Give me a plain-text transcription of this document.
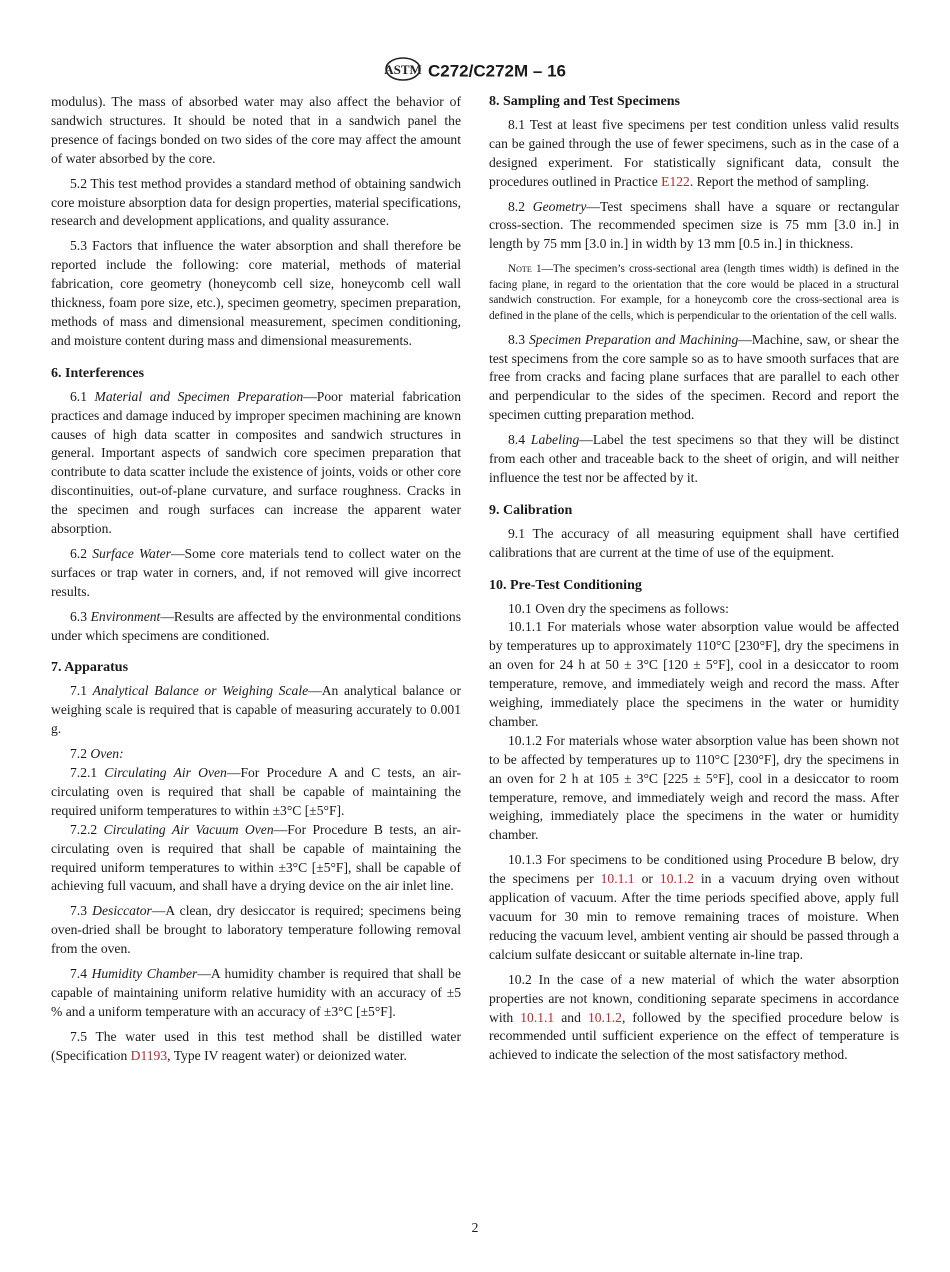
ASTM C272/C272M – 16

modulus). The mass of absorbed water may also affect the behavior of sandwich structures. It should be noted that in a sandwich panel the presence of facings bonded on two sides of the core may affect the amount of water absorbed by the core.

5.2 This test method provides a standard method of obtaining sandwich core moisture absorption data for design properties, material specifications, research and development applications, and quality assurance.

5.3 Factors that influence the water absorption and shall therefore be reported include the following: core material, methods of material fabrication, core geometry (honeycomb cell size, honeycomb cell wall thickness, foam pore size, etc.), specimen geometry, specimen preparation, methods of mass and dimensional measurement, specimen conditioning, and moisture content during mass and dimensional measurements.

6. Interferences

6.1 Material and Specimen Preparation—Poor material fabrication practices and damage induced by improper specimen machining are known causes of high data scatter in composites and sandwich structures in general. Important aspects of sandwich core specimen preparation that contribute to data scatter include the existence of joints, voids or other core discontinuities, out-of-plane curvature, and surface roughness. Cracks in the specimen and rough surfaces can increase the apparent water absorption.

6.2 Surface Water—Some core materials tend to collect water on the surfaces or trap water in corners, and, if not removed will give incorrect results.

6.3 Environment—Results are affected by the environmental conditions under which specimens are conditioned.

7. Apparatus

7.1 Analytical Balance or Weighing Scale—An analytical balance or weighing scale is required that is capable of measuring accurately to 0.001 g.

7.2 Oven:

7.2.1 Circulating Air Oven—For Procedure A and C tests, an air-circulating oven is required that shall be capable of maintaining the required uniform temperatures to within ±3°C [±5°F].

7.2.2 Circulating Air Vacuum Oven—For Procedure B tests, an air-circulating oven is required that shall be capable of maintaining the required uniform temperatures to within ±3°C [±5°F], shall be capable of achieving full vacuum, and shall have a drying device on the air inlet line.

7.3 Desiccator—A clean, dry desiccator is required; specimens being oven-dried shall be brought to laboratory temperature following removal from the oven.

7.4 Humidity Chamber—A humidity chamber is required that shall be capable of maintaining uniform relative humidity with an accuracy of ±5 % and a uniform temperature with an accuracy of ±3°C [±5°F].

7.5 The water used in this test method shall be distilled water (Specification D1193, Type IV reagent water) or deionized water.

8. Sampling and Test Specimens

8.1 Test at least five specimens per test condition unless valid results can be gained through the use of fewer specimens, such as in the case of a designed experiment. For statistically significant data, consult the procedures outlined in Practice E122. Report the method of sampling.

8.2 Geometry—Test specimens shall have a square or rectangular cross-section. The recommended specimen size is 75 mm [3.0 in.] in length by 75 mm [3.0 in.] in width by 13 mm [0.5 in.] in thickness.

Note 1—The specimen’s cross-sectional area (length times width) is defined in the facing plane, in regard to the orientation that the core would be placed in a structural sandwich construction. For example, for a honeycomb core the cross-sectional area is defined in the plane of the cells, which is perpendicular to the orientation of the cell walls.

8.3 Specimen Preparation and Machining—Machine, saw, or shear the test specimens from the core sample so as to have smooth surfaces that are free from cracks and facing plane surfaces that are parallel to each other and perpendicular to the sides of the specimen. Record and report the specimen cutting preparation method.

8.4 Labeling—Label the test specimens so that they will be distinct from each other and traceable back to the sheet of origin, and will neither influence the test nor be affected by it.

9. Calibration

9.1 The accuracy of all measuring equipment shall have certified calibrations that are current at the time of use of the equipment.

10. Pre-Test Conditioning

10.1 Oven dry the specimens as follows:

10.1.1 For materials whose water absorption value would be affected by temperatures up to approximately 110°C [230°F], dry the specimens in an oven for 24 h at 50 ± 3°C [120 ± 5°F], cool in a desiccator to room temperature, remove, and immediately weigh and record the mass. After weighing, immediately place the specimens in the water or humidity chamber.

10.1.2 For materials whose water absorption value has been shown not to be affected by temperatures up to 110°C [230°F], dry the specimens in an oven for 2 h at 105 ± 3°C [225 ± 5°F], cool in a desiccator to room temperature, remove, and immediately weigh and record the mass. After weighing, immediately place the specimens in the water or humidity chamber.

10.1.3 For specimens to be conditioned using Procedure B below, dry the specimens per 10.1.1 or 10.1.2 in a vacuum drying oven without application of vacuum. After the time periods specified above, apply full vacuum for 30 min to remove remaining traces of moisture. When reducing the vacuum level, ambient venting air should be passed through a calcium sulfate desiccant or suitable alternate in-line trap.

10.2 In the case of a new material of which the water absorption properties are not known, conditioning separate specimens in accordance with 10.1.1 and 10.1.2, followed by the specified procedure below is recommended until sufficient experience on the effect of temperature is achieved to indicate the selection of the most satisfactory method.

2
